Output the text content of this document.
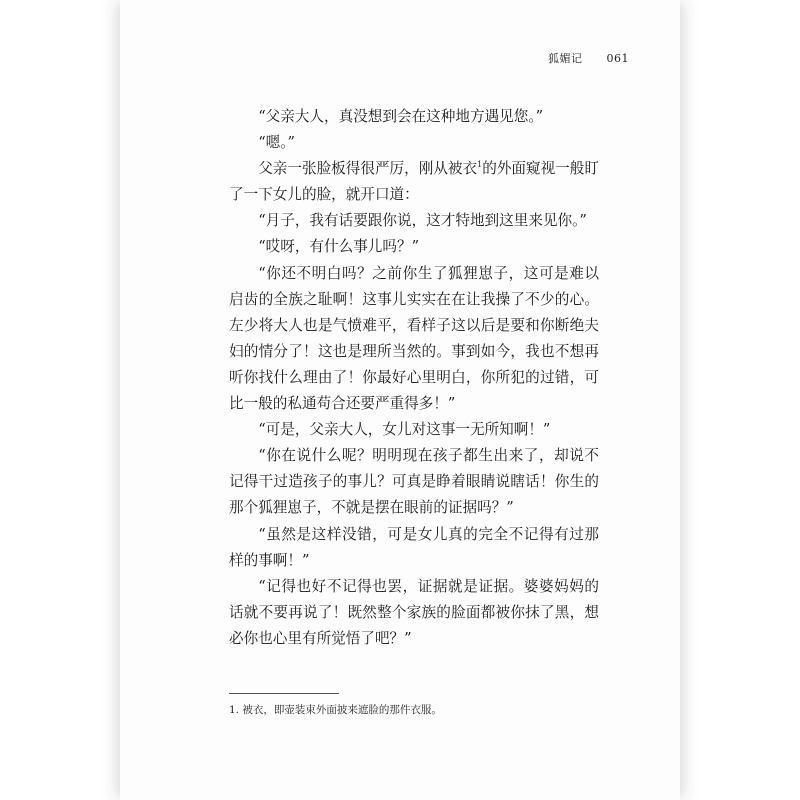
狐媚记 061

“父亲大人，真没想到会在这种地方遇见您。”

“嗯。”

父亲一张脸板得很严厉，刚从被衣$^1$的外面窥视一般盯了一下女儿的脸，就开口道：

“月子，我有话要跟你说，这才特地到这里来见你。”

“哎呀，有什么事儿吗？”

“你还不明白吗？之前你生了狐狸崽子，这可是难以启齿的全族之耻啊！这事儿实实在在让我操了不少的心。左少将大人也是气愤难平，看样子这以后是要和你断绝夫妇的情分了！这也是理所当然的。事到如今，我也不想再听你找什么理由了！你最好心里明白，你所犯的过错，可比一般的私通苟合还要严重得多！”

“可是，父亲大人，女儿对这事一无所知啊！”

“你在说什么呢？明明现在孩子都生出来了，却说不记得干过造孩子的事儿？可真是睁着眼睛说瞎话！你生的那个狐狸崽子，不就是摆在眼前的证据吗？”

“虽然是这样没错，可是女儿真的完全不记得有过那样的事啊！”

“记得也好不记得也罢，证据就是证据。婆婆妈妈的话就不要再说了！既然整个家族的脸面都被你抹了黑，想必你也心里有所觉悟了吧？”

1. 被衣，即壶装束外面披来遮脸的那件衣服。
